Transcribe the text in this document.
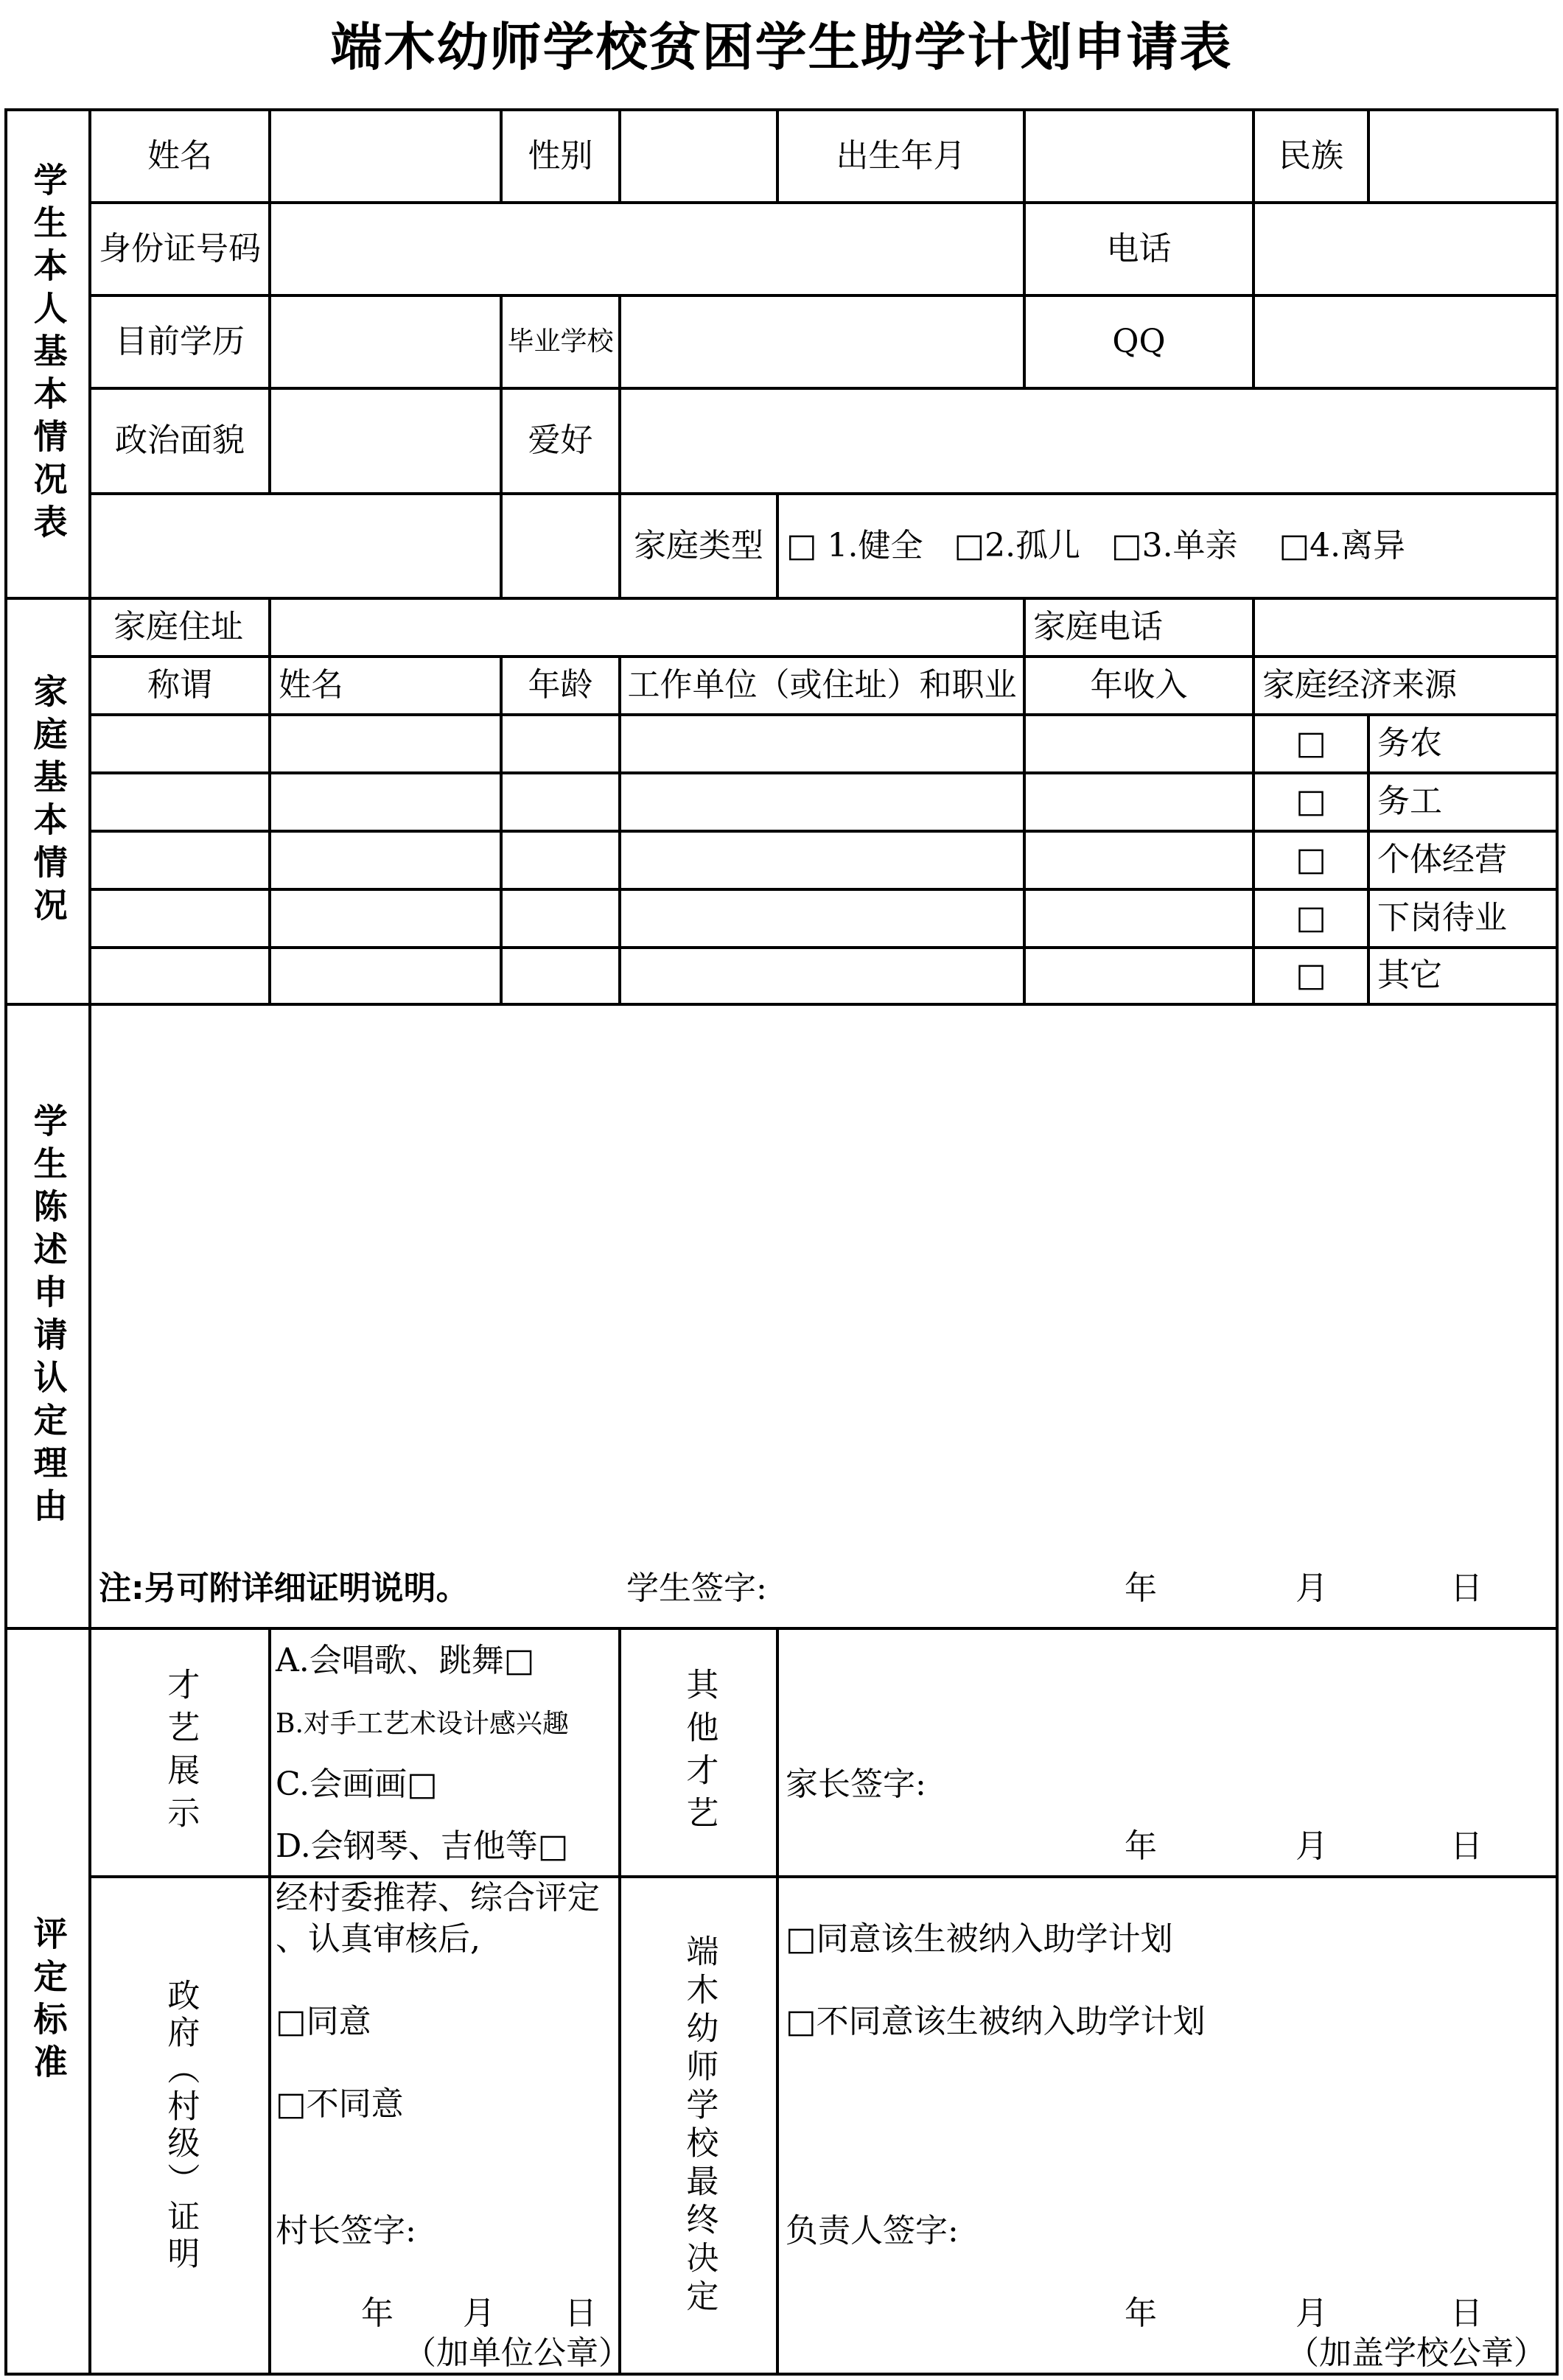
端木幼师学校贫困学生助学计划申请表
学生本人基本情况表
姓名	性别	出生年月	民族
身份证号码	电话
目前学历	毕业学校	QQ
政治面貌	爱好
家庭类型 □ 1.健全   □2.孤儿   □3.单亲    □4.离异
家庭基本情况
家庭住址	家庭电话
称谓	姓名	年龄	工作单位（或住址）和职业	年收入	家庭经济来源
□	务农
□	务工
□	个体经营
□	下岗待业
□	其它
学生陈述申请认定理由
注:另可附详细证明说明。	学生签字:	年	月	日
评定标准
才艺展示
A.会唱歌、跳舞□
B.对手工艺术设计感兴趣
C.会画画□
D.会钢琴、吉他等□
其他才艺	家长签字:
年	月	日
政府︵村级︶证明
经村委推荐、综合评定
、认真审核后,
□同意
□不同意
村长签字:
年 月 日
（加单位公章）
端木幼师学校最终决定	□同意该生被纳入助学计划
□不同意该生被纳入助学计划
负责人签字:
年	月	日
（加盖学校公章）
